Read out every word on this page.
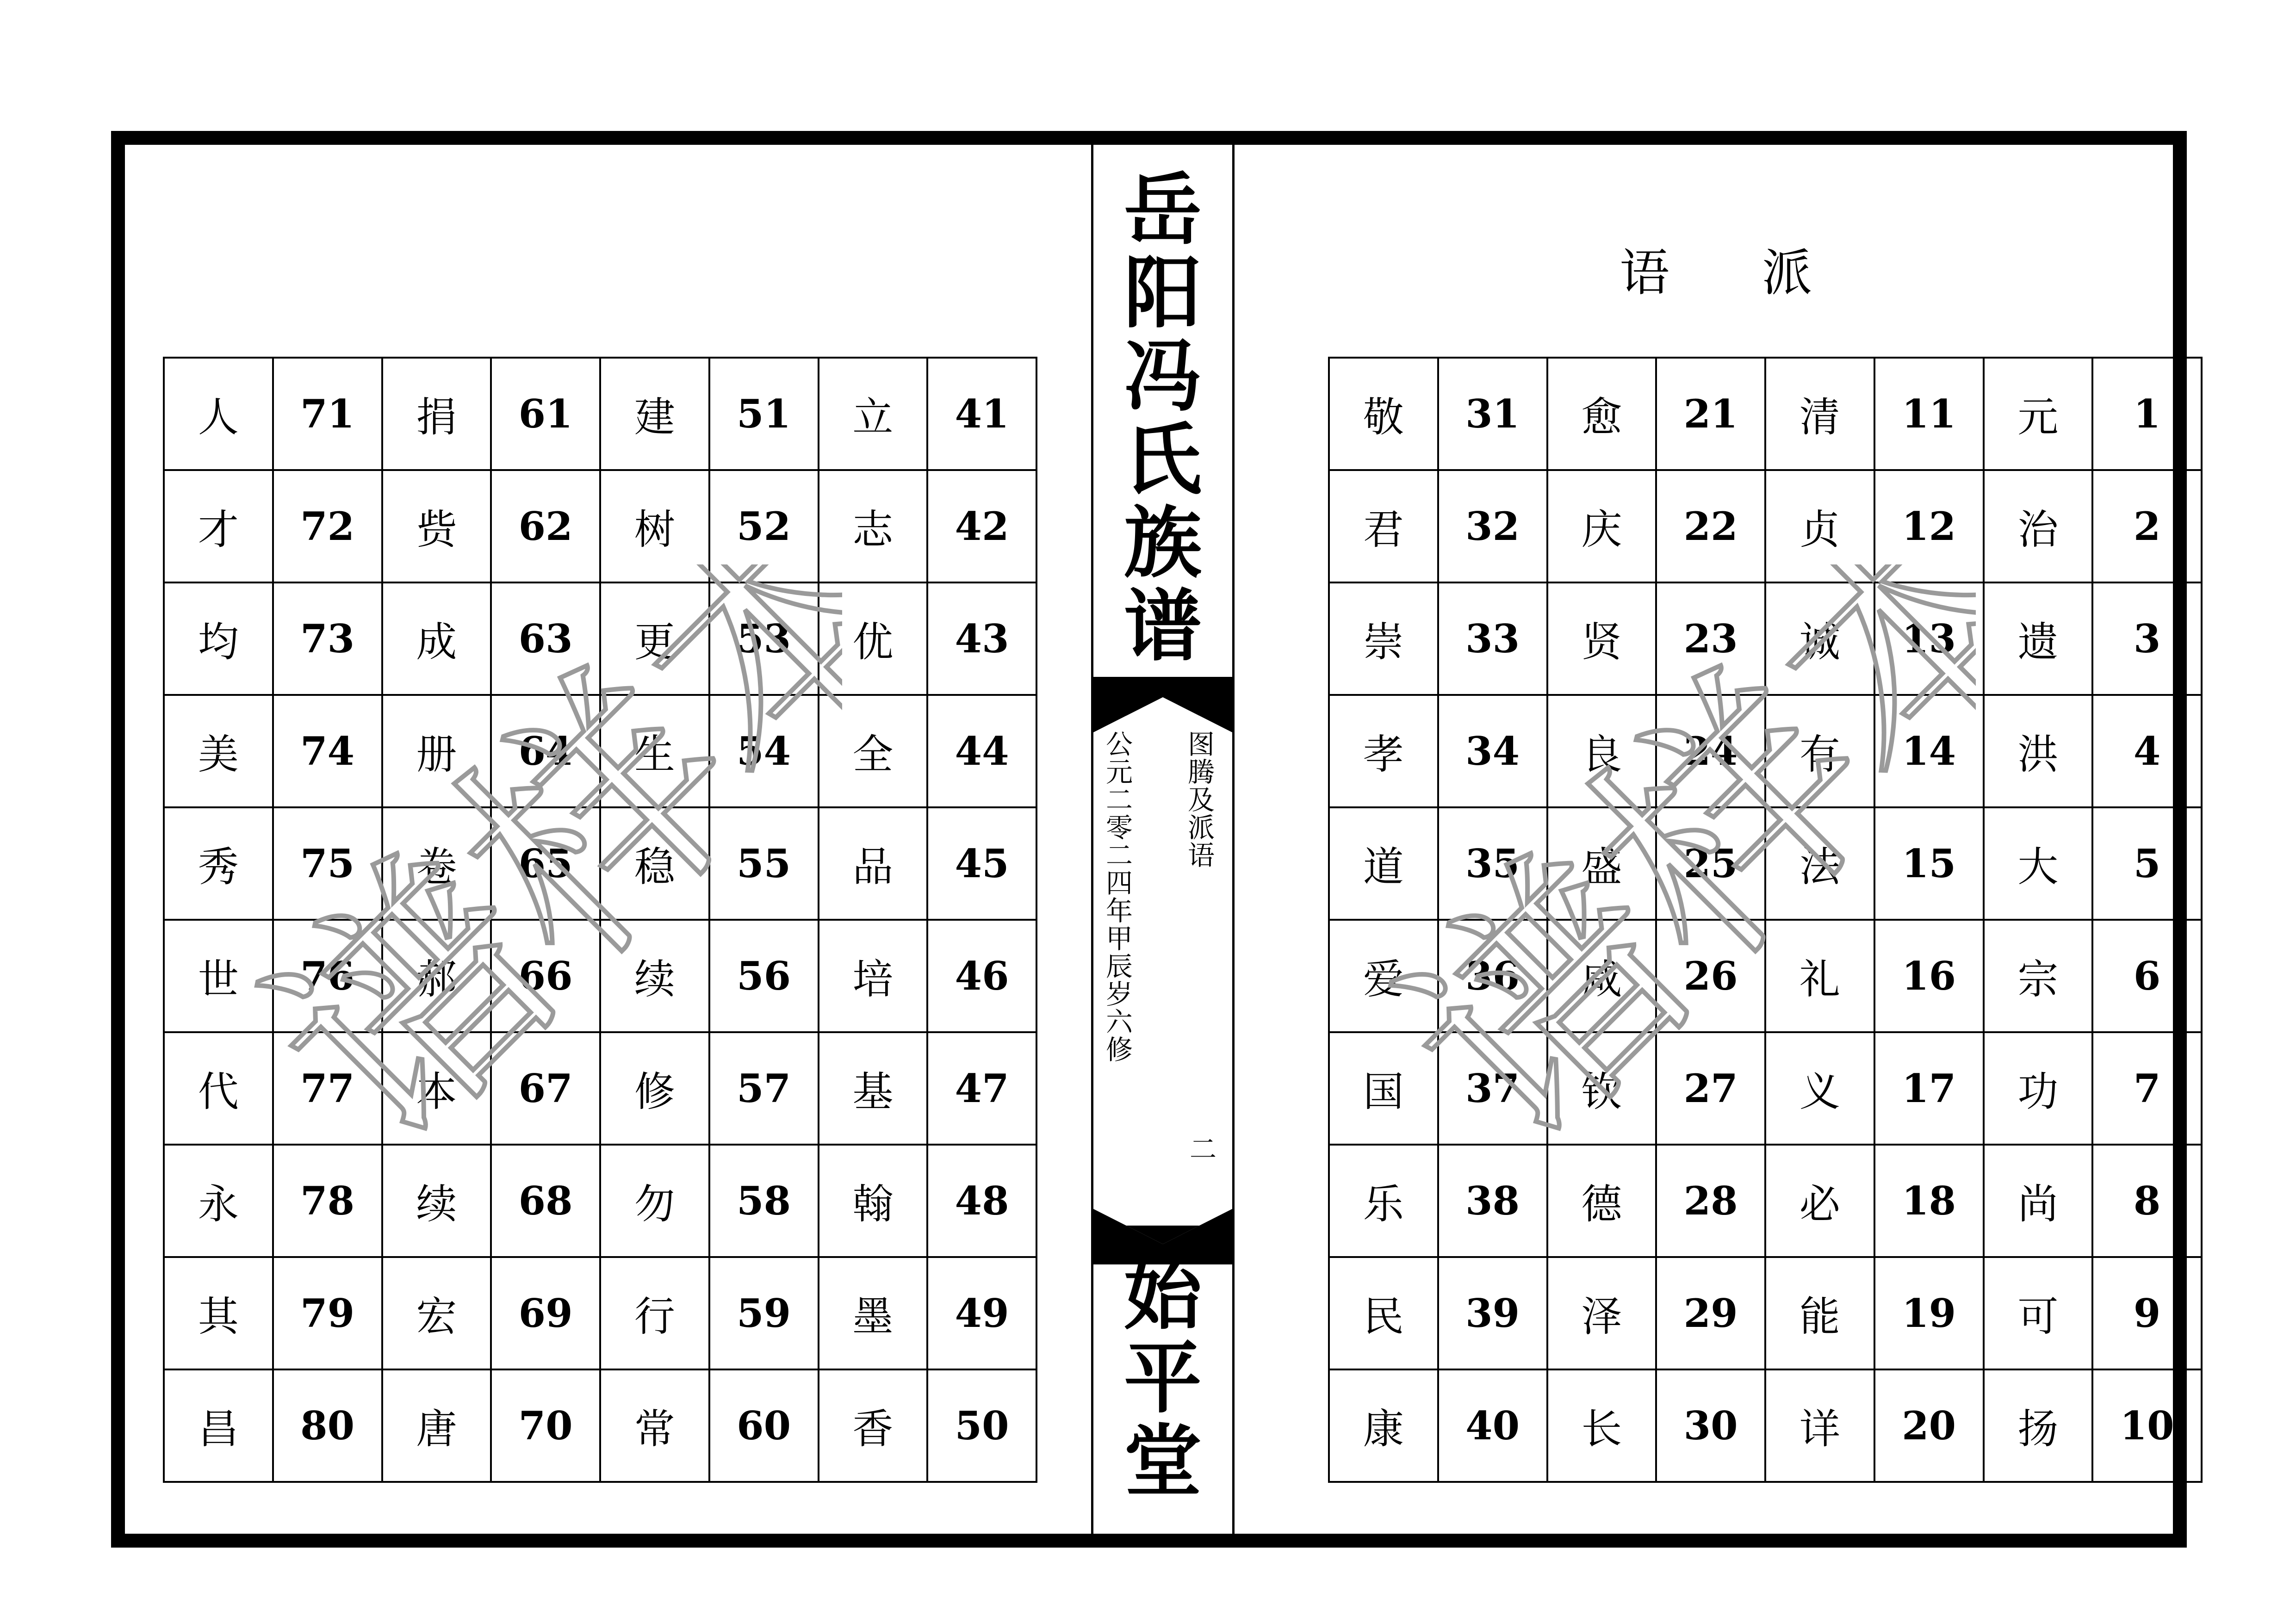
人	71	捐	61	建	51	立	41
才	72	赀	62	树	52	志	42
均	73	成	63	更	53	优	43
美	74	册	64	生	54	全	44
秀	75	卷	65	稳	55	品	45
世	76	郝	66	续	56	培	46
代	77	本	67	修	57	基	47
永	78	续	68	勿	58	翰	48
其	79	宏	69	行	59	墨	49
昌	80	唐	70	常	60	香	50
岳
阳
冯
氏
族
谱
图腾及派语
公元二零二四年甲辰岁六修
二
始
平
堂
语 派
敬	31	愈	21	清	11	元	1
君	32	庆	22	贞	12	治	2
崇	33	贤	23	诚	13	遗	3
孝	34	良	24	有	14	洪	4
道	35	盛	25	法	15	大	5
爱	36	咸	26	礼	16	宗	6
国	37	钦	27	义	17	功	7
乐	38	德	28	必	18	尚	8
民	39	泽	29	能	19	可	9
康	40	长	30	详	20	扬	10
谱样本 谱样本
